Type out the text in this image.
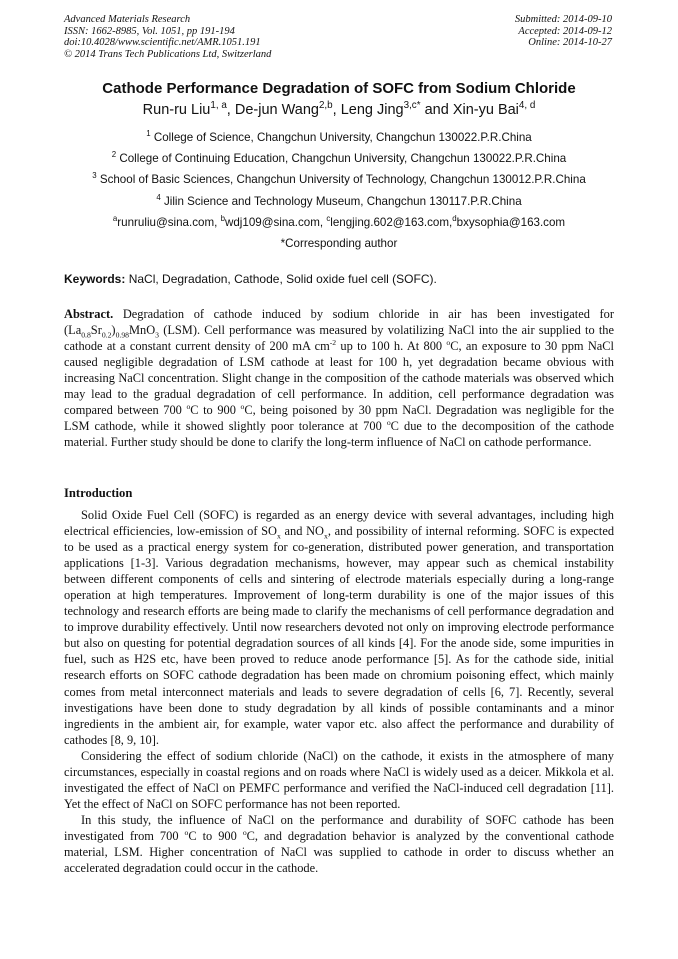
Advanced Materials Research
ISSN: 1662-8985, Vol. 1051, pp 191-194
doi:10.4028/www.scientific.net/AMR.1051.191
© 2014 Trans Tech Publications Ltd, Switzerland
Submitted: 2014-09-10
Accepted: 2014-09-12
Online: 2014-10-27
Cathode Performance Degradation of SOFC from Sodium Chloride
Run-ru Liu$^{1, a}$, De-jun Wang$^{2,b}$, Leng Jing$^{3,c*}$ and Xin-yu Bai$^{4, d}$
$^1$ College of Science, Changchun University, Changchun 130022.P.R.China
$^2$ College of Continuing Education, Changchun University, Changchun 130022.P.R.China
$^3$ School of Basic Sciences, Changchun University of Technology, Changchun 130012.P.R.China
$^4$ Jilin Science and Technology Museum, Changchun 130117.P.R.China
$^a$runruliu@sina.com, $^b$wdj109@sina.com, $^c$lengjing.602@163.com,$^d$bxysophia@163.com
*Corresponding author
Keywords: NaCl, Degradation, Cathode, Solid oxide fuel cell (SOFC).

Abstract. Degradation of cathode induced by sodium chloride in air has been investigated for $(La_{0.8}Sr_{0.2})_{0.98}MnO_3$ (LSM). Cell performance was measured by volatilizing NaCl into the air supplied to the cathode at a constant current density of 200 mA $cm^{-2}$ up to 100 h. At 800 $^o$C, an exposure to 30 ppm NaCl caused negligible degradation of LSM cathode at least for 100 h, yet degradation became obvious with increasing NaCl concentration. Slight change in the composition of the cathode materials was observed which may lead to the gradual degradation of cell performance. In addition, cell performance degradation was compared between 700 $^o$C to 900 $^o$C, being poisoned by 30 ppm NaCl. Degradation was negligible for the LSM cathode, while it showed slightly poor tolerance at 700 $^o$C due to the decomposition of the cathode material. Further study should be done to clarify the long-term influence of NaCl on cathode performance.

Introduction

Solid Oxide Fuel Cell (SOFC) is regarded as an energy device with several advantages, including high electrical efficiencies, low-emission of $SO_x$ and $NO_x$, and possibility of internal reforming. SOFC is expected to be used as a practical energy system for co-generation, distributed power generation, and transportation applications [1-3]. Various degradation mechanisms, however, may appear such as chemical instability between different components of cells and sintering of electrode materials especially during a long-range operation at high temperatures. Improvement of long-term durability is one of the major issues of this technology and research efforts are being made to clarify the mechanisms of cell performance degradation and to improve durability effectively. Until now researchers devoted not only on improving electrode performance but also on questing for potential degradation sources of all kinds [4]. For the anode side, some impurities in fuel, such as H2S etc, have been proved to reduce anode performance [5]. As for the cathode side, initial research efforts on SOFC cathode degradation has been made on chromium poisoning effect, which mainly comes from metal interconnect materials and leads to severe degradation of cells [6, 7]. Recently, several investigations have been done to study degradation by all kinds of possible contaminants and a minor ingredients in the ambient air, for example, water vapor etc. also affect the performance and durability of cathodes [8, 9, 10].

Considering the effect of sodium chloride (NaCl) on the cathode, it exists in the atmosphere of many circumstances, especially in coastal regions and on roads where NaCl is widely used as a deicer. Mikkola et al. investigated the effect of NaCl on PEMFC performance and verified the NaCl-induced cell degradation [11]. Yet the effect of NaCl on SOFC performance has not been reported.

In this study, the influence of NaCl on the performance and durability of SOFC cathode has been investigated from 700 $^o$C to 900 $^o$C, and degradation behavior is analyzed by the conventional cathode material, LSM. Higher concentration of NaCl was supplied to cathode in order to discuss whether an accelerated degradation could occur in the cathode.
